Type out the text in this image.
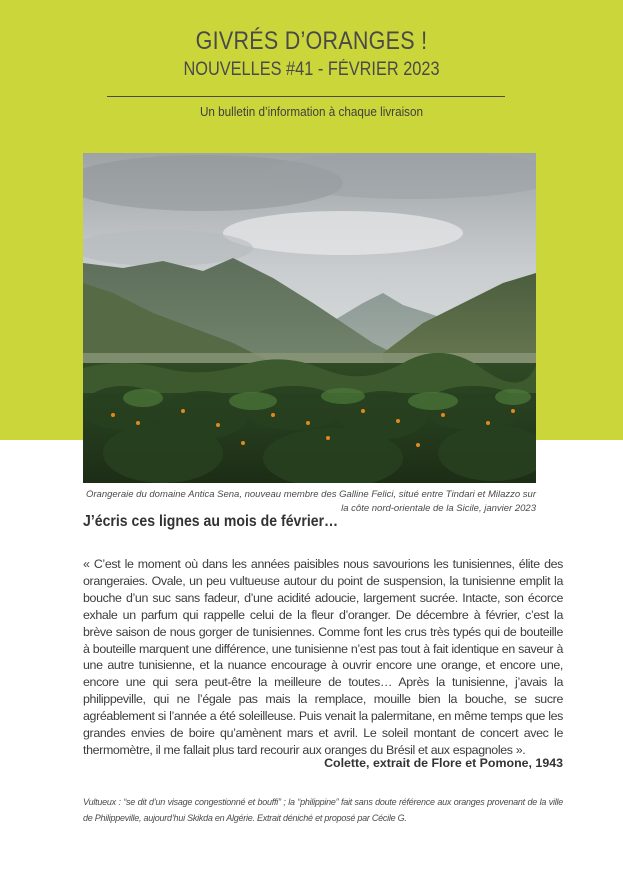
GIVRÉS D’ORANGES !
NOUVELLES #41 - FÉVRIER 2023
Un bulletin d’information à chaque livraison
Orangeraie du domaine Antica Sena, nouveau membre des Galline Felici, situé entre Tindari et Milazzo sur la côte nord-orientale de la Sicile, janvier 2023
J’écris ces lignes au mois de février…
« C’est le moment où dans les années paisibles nous savourions les tunisiennes, élite des orangeraies. Ovale, un peu vultueuse autour du point de suspension, la tunisienne emplit la bouche d’un suc sans fadeur, d’une acidité adoucie, largement sucrée. Intacte, son écorce exhale un parfum qui rappelle celui de la fleur d’oranger. De décembre à février, c’est la brève saison de nous gorger de tunisiennes. Comme font les crus très typés qui de bouteille à bouteille marquent une différence, une tunisienne n’est pas tout à fait identique en saveur à une autre tunisienne, et la nuance encourage à ouvrir encore une orange, et encore une, encore une qui sera peut-être la meilleure de toutes… Après la tunisienne, j’avais la philippeville, qui ne l’égale pas mais la remplace, mouille bien la bouche, se sucre agréablement si l’année a été soleilleuse. Puis venait la palermitane, en même temps que les grandes envies de boire qu’amènent mars et avril. Le soleil montant de concert avec le thermomètre, il me fallait plus tard recourir aux oranges du Brésil et aux espagnoles ».
Colette, extrait de Flore et Pomone, 1943
Vultueux : “se dit d’un visage congestionné et bouffi” ; la “philippine” fait sans doute référence aux oranges provenant de la ville de Philippeville, aujourd’hui Skikda en Algérie. Extrait déniché et proposé par Cécile G.
